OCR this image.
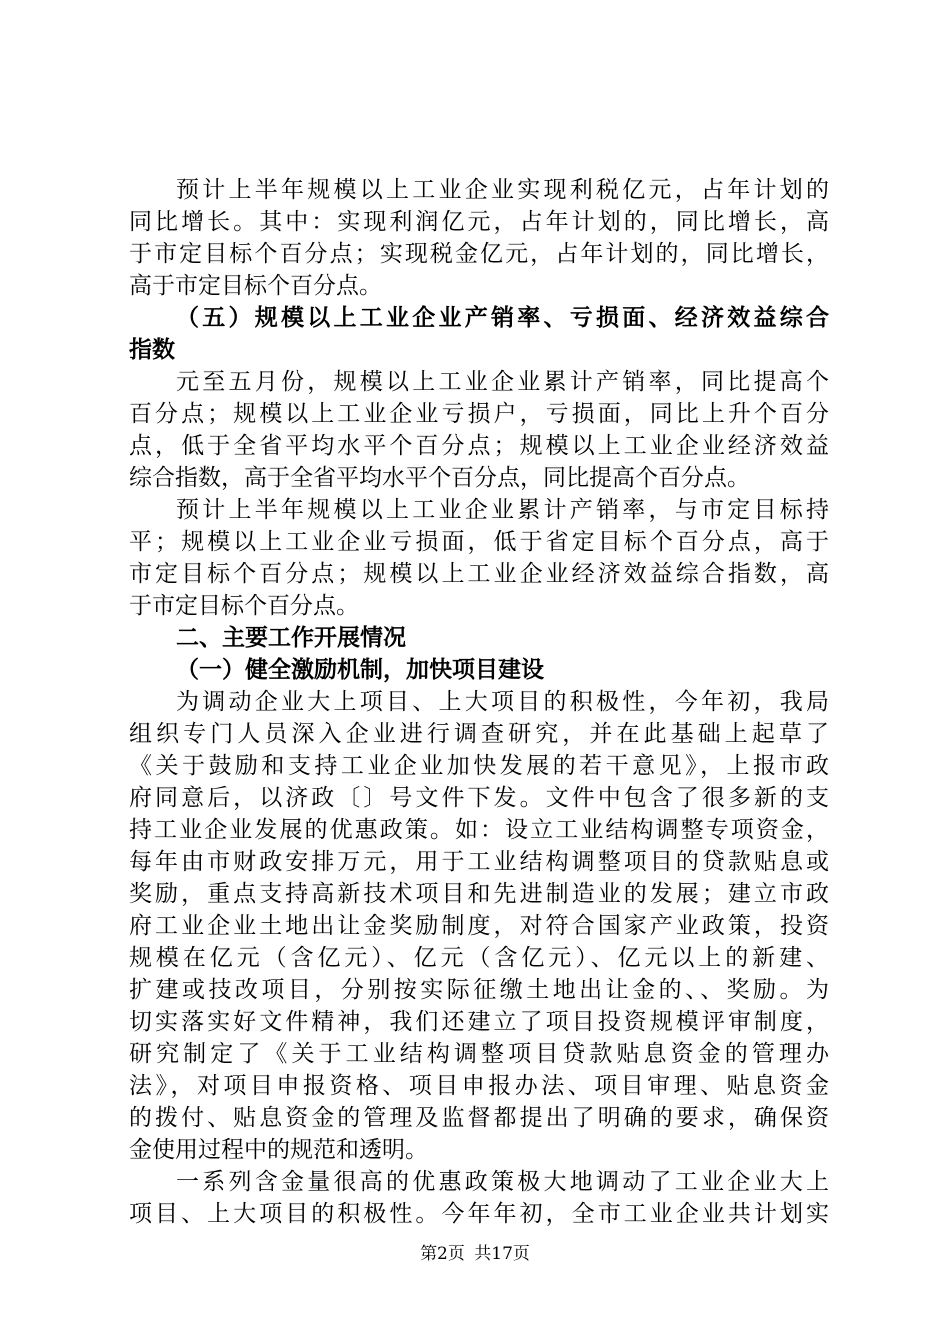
预计上半年规模以上工业企业实现利税亿元，占年计划的
同比增长。其中：实现利润亿元，占年计划的，同比增长，高
于市定目标个百分点；实现税金亿元，占年计划的，同比增长，
高于市定目标个百分点。
（五）规模以上工业企业产销率、亏损面、经济效益综合
指数
元至五月份，规模以上工业企业累计产销率，同比提高个
百分点；规模以上工业企业亏损户，亏损面，同比上升个百分
点，低于全省平均水平个百分点；规模以上工业企业经济效益
综合指数，高于全省平均水平个百分点，同比提高个百分点。
预计上半年规模以上工业企业累计产销率，与市定目标持
平；规模以上工业企业亏损面，低于省定目标个百分点，高于
市定目标个百分点；规模以上工业企业经济效益综合指数，高
于市定目标个百分点。
二、主要工作开展情况
（一）健全激励机制，加快项目建设
为调动企业大上项目、上大项目的积极性，今年初，我局
组织专门人员深入企业进行调查研究，并在此基础上起草了
《关于鼓励和支持工业企业加快发展的若干意见》，上报市政
府同意后，以济政〔〕号文件下发。文件中包含了很多新的支
持工业企业发展的优惠政策。如：设立工业结构调整专项资金，
每年由市财政安排万元，用于工业结构调整项目的贷款贴息或
奖励，重点支持高新技术项目和先进制造业的发展；建立市政
府工业企业土地出让金奖励制度，对符合国家产业政策，投资
规模在亿元（含亿元）、亿元（含亿元）、亿元以上的新建、
扩建或技改项目，分别按实际征缴土地出让金的、、奖励。为
切实落实好文件精神，我们还建立了项目投资规模评审制度，
研究制定了《关于工业结构调整项目贷款贴息资金的管理办
法》，对项目申报资格、项目申报办法、项目审理、贴息资金
的拨付、贴息资金的管理及监督都提出了明确的要求，确保资
金使用过程中的规范和透明。
一系列含金量很高的优惠政策极大地调动了工业企业大上
项目、上大项目的积极性。今年年初，全市工业企业共计划实
第2页 共17页
